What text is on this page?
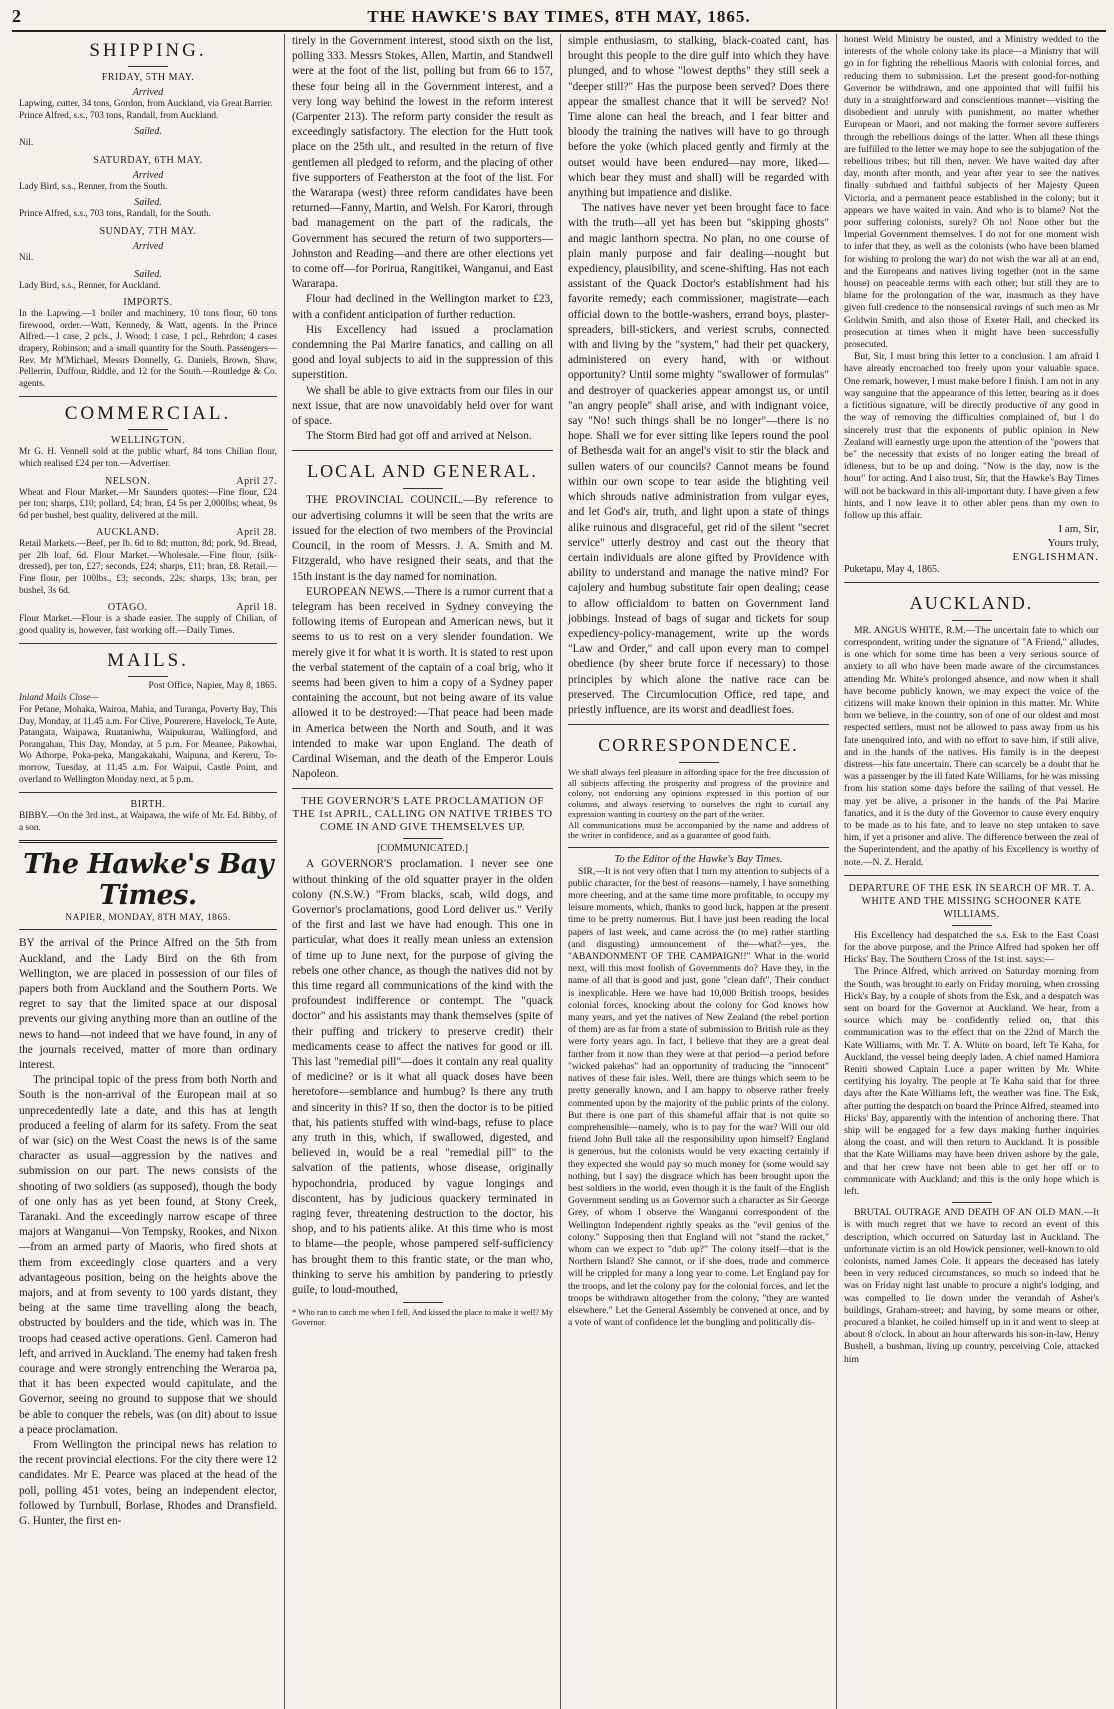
2	THE HAWKE'S BAY TIMES, 8TH MAY, 1865.
SHIPPING.
FRIDAY, 5TH MAY.
Arrived

Lapwing, cutter, 34 tons, Gordon, from Auckland, via Great Barrier.

Prince Alfred, s.s., 703 tons, Randall, from Auckland.

Sailed.

Nil.

SATURDAY, 6TH MAY.
Arrived

Lady Bird, s.s., Renner, from the South.

Sailed.

Prince Alfred, s.s., 703 tons, Randall, for the South.

SUNDAY, 7TH MAY.
Arrived

Nil.

Sailed.

Lady Bird, s.s., Renner, for Auckland.

IMPORTS.

In the Lapwing.—1 boiler and machinery, 10 tons flour, 60 tons firewood, order.—Watt, Kennedy, & Watt, agents. In the Prince Alfred.—1 case, 2 pcls., J. Wood; 1 case, 1 pcl., Rehrdon; 4 cases drapery, Robinson; and a small quantity for the South. Passengers—Rev. Mr M'Michael, Messrs Donnelly, G. Daniels, Brown, Shaw, Pellerrin, Duffour, Riddle, and 12 for the South.—Routledge & Co. agents.

COMMERCIAL.
WELLINGTON.

Mr G. H. Vennell sold at the public wharf, 84 tons Chilian flour, which realised £24 per ton.—Advertiser.

NELSON.	April 27.

Wheat and Flour Market.—Mr Saunders quotes:—Fine flour, £24 per ton; sharps, £10; pollard, £4; bran, £4 5s per 2,000lbs; wheat, 9s 6d per bushel, best quality, delivered at the mill.

AUCKLAND.	April 28.

Retail Markets.—Beef, per lb. 6d to 8d; mutton, 8d; pork, 9d. Bread, per 2lb loaf, 6d. Flour Market.—Wholesale.—Fine flour, (silk-dressed), per ton, £27; seconds, £24; sharps, £11; bran, £8. Retail.—Fine flour, per 100lbs., £3; seconds, 22s; sharps, 13s; bran, per bushel, 3s 6d.

OTAGO.	April 18.

Flour Market.—Flour is a shade easier. The supply of Chilian, of good quality is, however, fast working off.—Daily Times.

MAILS.
Post Office, Napier, May 8, 1865.

Inland Mails Close—

For Petane, Mohaka, Wairoa, Mahia, and Turanga, Poverty Bay, This Day, Monday, at 11.45 a.m. For Clive, Pourerere, Havelock, Te Aute, Patangata, Waipawa, Ruataniwha, Waipukurau, Wallingford, and Porangahau, This Day, Monday, at 5 p.m. For Meanee, Pakowhai, Wo Athorpe, Poka-peka, Mangakakahi, Waipuna, and Kereru, To-morrow, Tuesday, at 11.45 a.m. For Waipui, Castle Point, and overland to Wellington Monday next, at 5 p.m.

BIRTH.

BIBBY.—On the 3rd inst., at Waipawa, the wife of Mr. Ed. Bibby, of a son.

The Hawke's Bay Times.
NAPIER, MONDAY, 8TH MAY, 1865.

BY the arrival of the Prince Alfred on the 5th from Auckland, and the Lady Bird on the 6th from Wellington, we are placed in possession of our files of papers both from Auckland and the Southern Ports. We regret to say that the limited space at our disposal prevents our giving anything more than an outline of the news to hand—not indeed that we have found, in any of the journals received, matter of more than ordinary interest.

The principal topic of the press from both North and South is the non-arrival of the European mail at so unprecedentedly late a date, and this has at length produced a feeling of alarm for its safety. From the seat of war (sic) on the West Coast the news is of the same character as usual—aggression by the natives and submission on our part. The news consists of the shooting of two soldiers (as supposed), though the body of one only has as yet been found, at Stony Creek, Taranaki. And the exceedingly narrow escape of three majors at Wanganui—Von Tempsky, Rookes, and Nixon—from an armed party of Maoris, who fired shots at them from exceedingly close quarters and a very advantageous position, being on the heights above the majors, and at from seventy to 100 yards distant, they being at the same time travelling along the beach, obstructed by boulders and the tide, which was in. The troops had ceased active operations. Genl. Cameron had left, and arrived in Auckland. The enemy had taken fresh courage and were strongly entrenching the Weraroa pa, that it has been expected would capitulate, and the Governor, seeing no ground to suppose that we should be able to conquer the rebels, was (on dit) about to issue a peace proclamation.

From Wellington the principal news has relation to the recent provincial elections. For the city there were 12 candidates. Mr E. Pearce was placed at the head of the poll, polling 451 votes, being an independent elector, followed by Turnbull, Borlase, Rhodes and Dransfield. G. Hunter, the first en-

tirely in the Government interest, stood sixth on the list, polling 333. Messrs Stokes, Allen, Martin, and Standwell were at the foot of the list, polling but from 66 to 157, these four being all in the Government interest, and a very long way behind the lowest in the reform interest (Carpenter 213). The reform party consider the result as exceedingly satisfactory. The election for the Hutt took place on the 25th ult., and resulted in the return of five gentlemen all pledged to reform, and the placing of other five supporters of Featherston at the foot of the list. For the Wararapa (west) three reform candidates have been returned—Fanny, Martin, and Welsh. For Karori, through bad management on the part of the radicals, the Government has secured the return of two supporters—Johnston and Reading—and there are other elections yet to come off—for Porirua, Rangitikei, Wanganui, and East Wararapa.

Flour had declined in the Wellington market to £23, with a confident anticipation of further reduction.

His Excellency had issued a proclamation condemning the Pai Marire fanatics, and calling on all good and loyal subjects to aid in the suppression of this superstition.

We shall be able to give extracts from our files in our next issue, that are now unavoidably held over for want of space.

The Storm Bird had got off and arrived at Nelson.

LOCAL AND GENERAL.

THE PROVINCIAL COUNCIL.—By reference to our advertising columns it will be seen that the writs are issued for the election of two members of the Provincial Council, in the room of Messrs. J. A. Smith and M. Fitzgerald, who have resigned their seats, and that the 15th instant is the day named for nomination.

EUROPEAN NEWS.—There is a rumor current that a telegram has been received in Sydney conveying the following items of European and American news, but it seems to us to rest on a very slender foundation. We merely give it for what it is worth. It is stated to rest upon the verbal statement of the captain of a coal brig, who it seems had been given to him a copy of a Sydney paper containing the account, but not being aware of its value allowed it to be destroyed:—That peace had been made in America between the North and South, and it was intended to make war upon England. The death of Cardinal Wiseman, and the death of the Emperor Louis Napoleon.

THE GOVERNOR'S LATE PROCLAMATION OF THE 1st APRIL, CALLING ON NATIVE TRIBES TO COME IN AND GIVE THEMSELVES UP.
[COMMUNICATED.]

A GOVERNOR'S proclamation. I never see one without thinking of the old squatter prayer in the olden colony (N.S.W.) "From blacks, scab, wild dogs, and Governor's proclamations, good Lord deliver us." Verily of the first and last we have had enough. This one in particular, what does it really mean unless an extension of time up to June next, for the purpose of giving the rebels one other chance, as though the natives did not by this time regard all communications of the kind with the profoundest indifference or contempt. The "quack doctor" and his assistants may thank themselves (spite of their puffing and trickery to preserve credit) their medicaments cease to affect the natives for good or ill. This last "remedial pill"—does it contain any real quality of medicine? or is it what all quack doses have been heretofore—semblance and humbug? Is there any truth and sincerity in this? If so, then the doctor is to be pitied that, his patients stuffed with wind-bags, refuse to place any truth in this, which, if swallowed, digested, and believed in, would be a real "remedial pill" to the salvation of the patients, whose disease, originally hypochondria, produced by vague longings and discontent, has by judicious quackery terminated in raging fever, threatening destruction to the doctor, his shop, and to his patients alike. At this time who is most to blame—the people, whose pampered self-sufficiency has brought them to this frantic state, or the man who, thinking to serve his ambition by pandering to priestly guile, to loud-mouthed,

* Who ran to catch me when I fell, And kissed the place to make it well? My Governor.

simple enthusiasm, to stalking, black-coated cant, has brought this people to the dire gulf into which they have plunged, and to whose "lowest depths" they still seek a "deeper still?" Has the purpose been served? Does there appear the smallest chance that it will be served? No! Time alone can heal the breach, and I fear bitter and bloody the training the natives will have to go through before the yoke (which placed gently and firmly at the outset would have been endured—nay more, liked—which bear they must and shall) will be regarded with anything but impatience and dislike.

The natives have never yet been brought face to face with the truth—all yet has been but "skipping ghosts" and magic lanthorn spectra. No plan, no one course of plain manly purpose and fair dealing—nought but expediency, plausibility, and scene-shifting. Has not each assistant of the Quack Doctor's establishment had his favorite remedy; each commissioner, magistrate—each official down to the bottle-washers, errand boys, plaster-spreaders, bill-stickers, and veriest scrubs, connected with and living by the "system," had their pet quackery, administered on every hand, with or without opportunity? Until some mighty "swallower of formulas" and destroyer of quackeries appear amongst us, or until "an angry people" shall arise, and with indignant voice, say "No! such things shall be no longer"—there is no hope. Shall we for ever sitting like lepers round the pool of Bethesda wait for an angel's visit to stir the black and sullen waters of our councils? Cannot means be found within our own scope to tear aside the blighting veil which shrouds native administration from vulgar eyes, and let God's air, truth, and light upon a state of things alike ruinous and disgraceful, get rid of the silent "secret service" utterly destroy and cast out the theory that certain individuals are alone gifted by Providence with ability to understand and manage the native mind? For cajolery and humbug substitute fair open dealing; cease to allow officialdom to batten on Government land jobbings. Instead of bags of sugar and tickets for soup expediency-policy-management, write up the words "Law and Order," and call upon every man to compel obedience (by sheer brute force if necessary) to those principles by which alone the native race can be preserved. The Circumlocution Office, red tape, and priestly influence, are its worst and deadliest foes.

CORRESPONDENCE.

We shall always feel pleasure in affording space for the free discussion of all subjects affecting the prosperity and progress of the province and colony, not endorsing any opinions expressed in this portion of our columns, and always reserving to ourselves the right to curtail any expression wanting in courtesy on the part of the writer.

All communications must be accompanied by the name and address of the writer in confidence, and as a guarantee of good faith.

To the Editor of the Hawke's Bay Times.

SIR,—It is not very often that I turn my attention to subjects of a public character, for the best of reasons—namely, I have something more cheering, and at the same time more profitable, to occupy my leisure moments, which, thanks to good luck, happen at the present time to be pretty numerous. But I have just been reading the local papers of last week, and came across the (to me) rather startling (and disgusting) announcement of the—what?—yes, the "ABANDONMENT OF THE CAMPAIGN!!" What in the world next, will this most foolish of Governments do? Have they, in the name of all that is good and just, gone "clean daft", Their conduct is inexplicable. Here we have had 10,000 British troops, besides colonial forces, knocking about the colony for God knows how many years, and yet the natives of New Zealand (the rebel portion of them) are as far from a state of submission to British rule as they were forty years ago. In fact, I believe that they are a great deal farther from it now than they were at that period—a period before "wicked pakehas" had an opportunity of traducing the "innocent" natives of these fair isles. Well, there are things which seem to be pretty generally known, and I am happy to observe rather freely commented upon by the majority of the public prints of the colony. But there is one part of this shameful affair that is not quite so comprehensible—namely, who is to pay for the war? Will our old friend John Bull take all the responsibility upon himself? England is generous, but the colonists would be very exacting certainly if they expected she would pay so much money for (some would say nothing, but I say) the disgrace which has been brought upon the best soldiers in the world, even though it is the fault of the English Government sending us as Governor such a character as Sir George Grey, of whom I observe the Wanganui correspondent of the Wellington Independent rightly speaks as the "evil genius of the colony." Supposing then that England will not "stand the racket," whom can we expect to "dub up?" The colony itself—that is the Northern Island? She cannot, or if she does, trade and commerce will be crippled for many a long year to come. Let England pay for the troops, and let the colony pay for the colonial forces, and let the troops be withdrawn altogether from the colony, "they are wanted elsewhere." Let the General Assembly be convened at once, and by a vote of want of confidence let the bungling and politically dis-

honest Weld Ministry be ousted, and a Ministry wedded to the interests of the whole colony take its place—a Ministry that will go in for fighting the rebellious Maoris with colonial forces, and reducing them to submission. Let the present good-for-nothing Governor be withdrawn, and one appointed that will fulfil his duty in a straightforward and conscientious manner—visiting the disobedient and unruly with punishment, no matter whether European or Maori, and not making the former severe sufferers through the rebellious doings of the latter. When all these things are fulfilled to the letter we may hope to see the subjugation of the rebellious tribes; but till then, never. We have waited day after day, month after month, and year after year to see the natives finally subdued and faithful subjects of her Majesty Queen Victoria, and a permanent peace established in the colony; but it appears we have waited in vain. And who is to blame? Not the poor suffering colonists, surely? Oh no! None other but the Imperial Government themselves. I do not for one moment wish to infer that they, as well as the colonists (who have been blamed for wishing to prolong the war) do not wish the war all at an end, and the Europeans and natives living together (not in the same house) on peaceable terms with each other; but still they are to blame for the prolongation of the war, inasmuch as they have given full credence to the nonsensical ravings of such men as Mr Goldwin Smith, and also those of Exeter Hall, and checked its prosecution at times when it might have been successfully prosecuted.

But, Sir, I must bring this letter to a conclusion. I am afraid I have already encroached too freely upon your valuable space. One remark, however, I must make before I finish. I am not in any way sanguine that the appearance of this letter, bearing as it does a fictitious signature, will be directly productive of any good in the way of removing the difficulties complained of, but I do sincerely trust that the exponents of public opinion in New Zealand will earnestly urge upon the attention of the "powers that be" the necessity that exists of no longer eating the bread of idleness, but to be up and doing. "Now is the day, now is the hour" for acting. And I also trust, Sir, that the Hawke's Bay Times will not be backward in this all-important duty. I have given a few hints, and I now leave it to other abler pens than my own to follow up this affair.

I am, Sir,

Yours truly,

ENGLISHMAN.

Puketapu, May 4, 1865.

AUCKLAND.

MR. ANGUS WHITE, R.M.—The uncertain fate to which our correspondent, writing under the signature of "A Friend," alludes, is one which for some time has been a very serious source of anxiety to all who have been made aware of the circumstances attending Mr. White's prolonged absence, and now when it shall have become publicly known, we may expect the voice of the citizens will make known their opinion in this matter. Mr. White born we believe, in the country, son of one of our oldest and most respected settlers, must not be allowed to pass away from us his fate unenquired into, and with no effort to save him, if still alive, and in the hands of the natives. His family is in the deepest distress—his fate uncertain. There can scarcely be a doubt that he was a passenger by the ill fated Kate Williams, for he was missing from his station some days before the sailing of that vessel. He may yet be alive, a prisoner in the hands of the Pai Marire fanatics, and it is the duty of the Governor to cause every enquiry to be made as to his fate, and to leave no step untaken to save him, if yet a prisoner and alive. The difference between the zeal of the Superintendent, and the apathy of his Excellency is worthy of note.—N. Z. Herald.

DEPARTURE OF THE ESK IN SEARCH OF MR. T. A. WHITE AND THE MISSING SCHOONER KATE WILLIAMS.

His Excellency had despatched the s.s. Esk to the East Coast for the above purpose, and the Prince Alfred had spoken her off Hicks' Bay. The Southern Cross of the 1st inst. says:—

The Prince Alfred, which arrived on Saturday morning from the South, was brought to early on Friday morning, when crossing Hick's Bay, by a couple of shots from the Esk, and a despatch was sent on board for the Governor at Auckland. We hear, from a source which may be confidently relied on, that this communication was to the effect that on the 22nd of March the Kate Williams, with Mr. T. A. White on board, left Te Kaha, for Auckland, the vessel being deeply laden. A chief named Hamiora Reniti showed Captain Luce a paper written by Mr. White certifying his loyalty. The people at Te Kaha said that for three days after the Kate Williams left, the weather was fine. The Esk, after putting the despatch on board the Prince Alfred, steamed into Hicks' Bay, apparently with the intention of anchoring there. That ship will be engaged for a few days making further inquiries along the coast, and will then return to Auckland. It is possible that the Kate Williams may have been driven ashore by the gale, and that her crew have not been able to get her off or to communicate with Auckland; and this is the only hope which is left.

BRUTAL OUTRAGE AND DEATH OF AN OLD MAN.—It is with much regret that we have to record an event of this description, which occurred on Saturday last in Auckland. The unfortunate victim is an old Howick pensioner, well-known to old colonists, named James Cole. It appears the deceased has lately been in very reduced circumstances, so much so indeed that he was on Friday night last unable to procure a night's lodging, and was compelled to lie down under the verandah of Asher's buildings, Graham-street; and having, by some means or other, procured a blanket, he coiled himself up in it and went to sleep at about 8 o'clock. In about an hour afterwards his son-in-law, Henry Bushell, a bushman, living up country, perceiving Cole, attacked him
